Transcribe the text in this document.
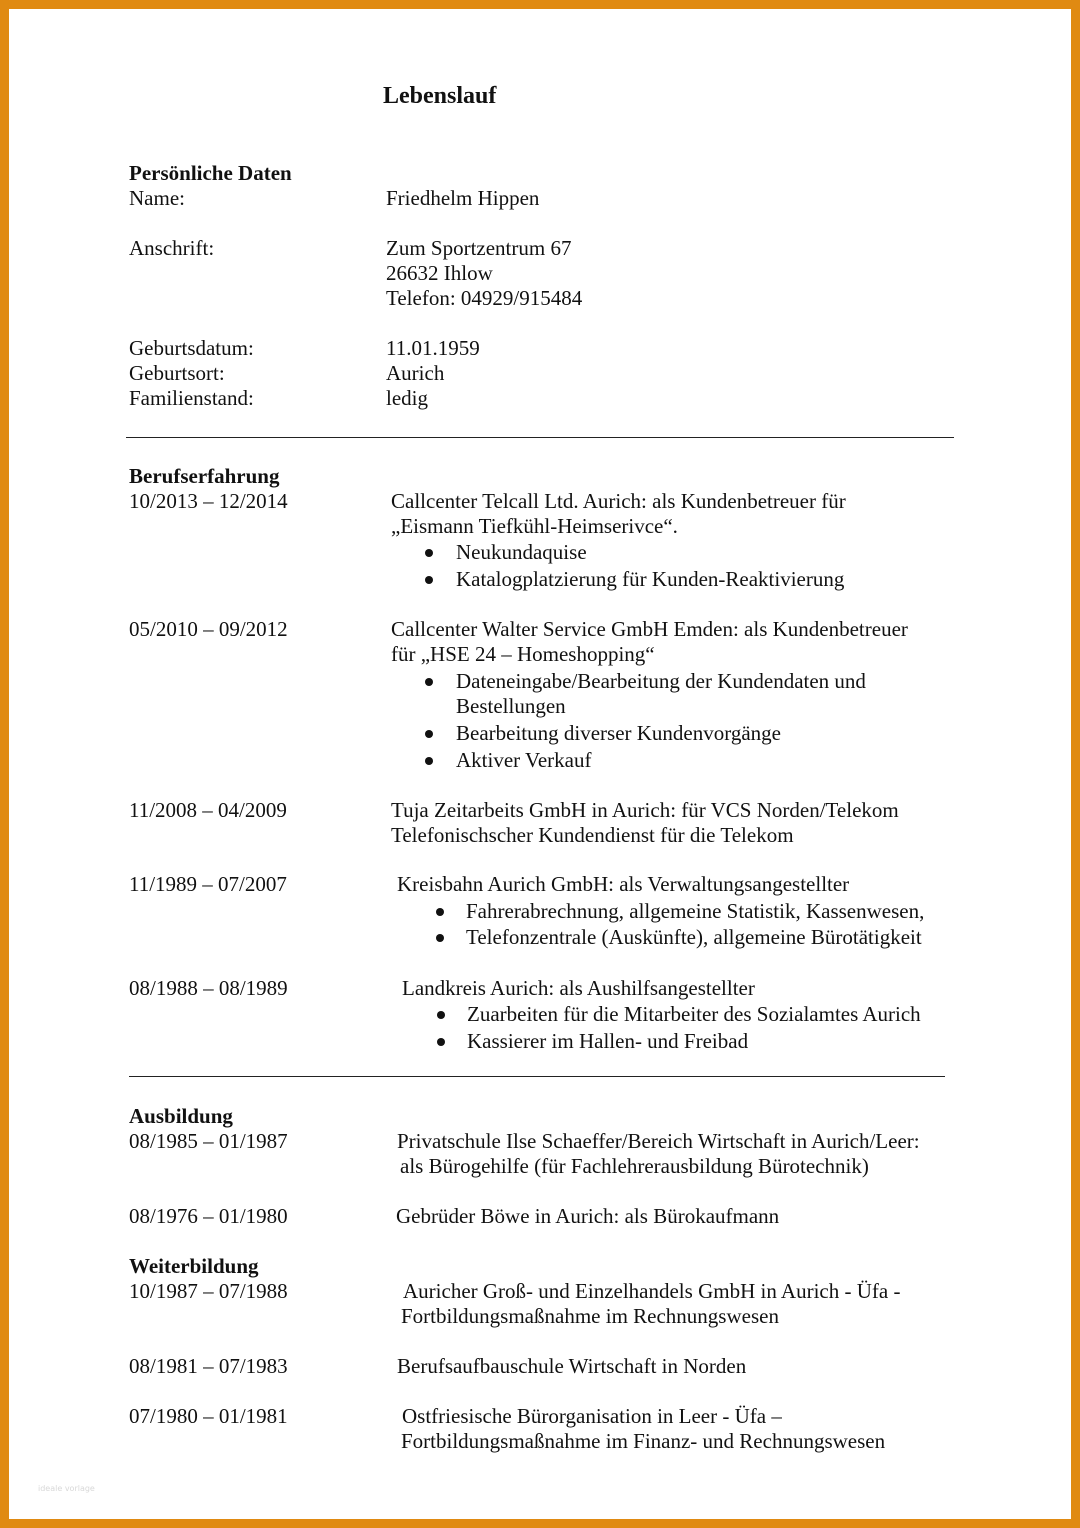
Lebenslauf
Persönliche Daten
Name:	Friedhelm Hippen
Anschrift:	Zum Sportzentrum 67
26632 Ihlow
Telefon: 04929/915484
Geburtsdatum:	11.01.1959
Geburtsort:	Aurich
Familienstand:	ledig
Berufserfahrung
10/2013 – 12/2014	Callcenter Telcall Ltd. Aurich: als Kundenbetreuer für
„Eismann Tiefkühl-Heimserivce“.
Neukundaquise
Katalogplatzierung für Kunden-Reaktivierung
05/2010 – 09/2012	Callcenter Walter Service GmbH Emden: als Kundenbetreuer
für „HSE 24 – Homeshopping“
Dateneingabe/Bearbeitung der Kundendaten und
Bestellungen
Bearbeitung diverser Kundenvorgänge
Aktiver Verkauf
11/2008 – 04/2009	Tuja Zeitarbeits GmbH in Aurich: für VCS Norden/Telekom
Telefonischscher Kundendienst für die Telekom
11/1989 – 07/2007	Kreisbahn Aurich GmbH: als Verwaltungsangestellter
Fahrerabrechnung, allgemeine Statistik, Kassenwesen,
Telefonzentrale (Auskünfte), allgemeine Bürotätigkeit
08/1988 – 08/1989	Landkreis Aurich: als Aushilfsangestellter
Zuarbeiten für die Mitarbeiter des Sozialamtes Aurich
Kassierer im Hallen- und Freibad
Ausbildung
08/1985 – 01/1987	Privatschule Ilse Schaeffer/Bereich Wirtschaft in Aurich/Leer:
als Bürogehilfe (für Fachlehrerausbildung Bürotechnik)
08/1976 – 01/1980	Gebrüder Böwe in Aurich: als Bürokaufmann
Weiterbildung
10/1987 – 07/1988	Auricher Groß- und Einzelhandels GmbH in Aurich - Üfa -
Fortbildungsmaßnahme im Rechnungswesen
08/1981 – 07/1983	Berufsaufbauschule Wirtschaft in Norden
07/1980 – 01/1981	Ostfriesische Bürorganisation in Leer - Üfa –
Fortbildungsmaßnahme im Finanz- und Rechnungswesen
ideale vorlage
